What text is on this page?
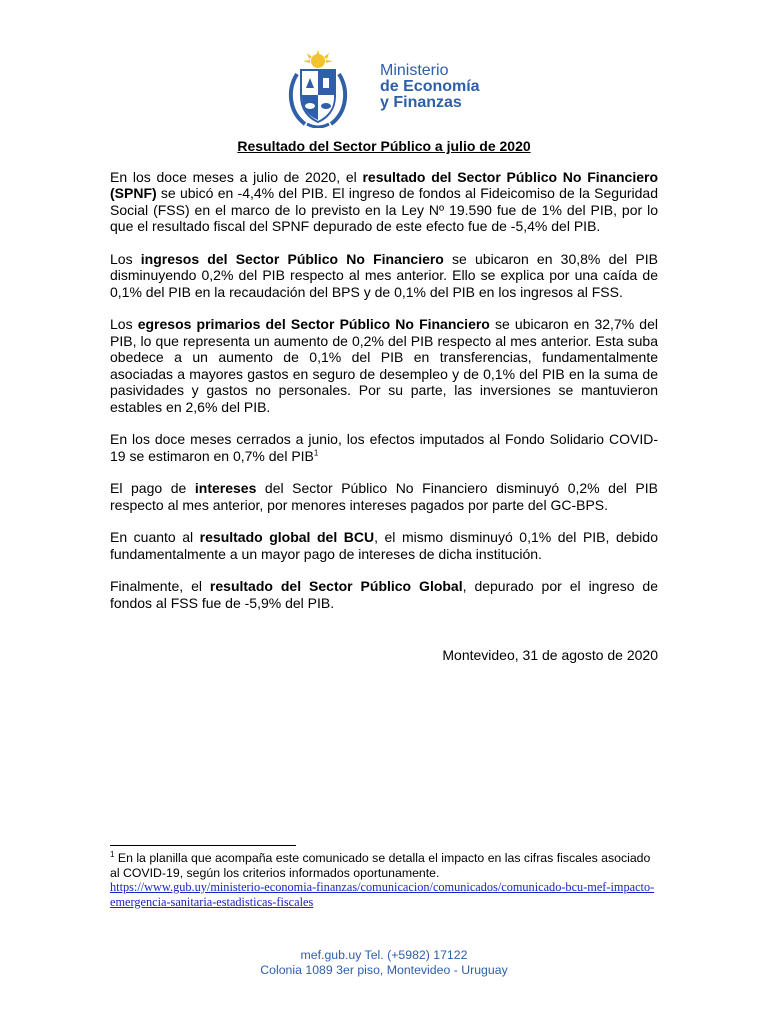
Ministerio
de Economía
y Finanzas
Resultado del Sector Público a julio de 2020

En los doce meses a julio de 2020, el resultado del Sector Público No Financiero (SPNF) se ubicó en -4,4% del PIB. El ingreso de fondos al Fideicomiso de la Seguridad Social (FSS) en el marco de lo previsto en la Ley Nº 19.590 fue de 1% del PIB, por lo que el resultado fiscal del SPNF depurado de este efecto fue de -5,4% del PIB.

Los ingresos del Sector Público No Financiero se ubicaron en 30,8% del PIB disminuyendo 0,2% del PIB respecto al mes anterior. Ello se explica por una caída de 0,1% del PIB en la recaudación del BPS y de 0,1% del PIB en los ingresos al FSS.

Los egresos primarios del Sector Público No Financiero se ubicaron en 32,7% del PIB, lo que representa un aumento de 0,2% del PIB respecto al mes anterior. Esta suba obedece a un aumento de 0,1% del PIB en transferencias, fundamentalmente asociadas a mayores gastos en seguro de desempleo y de 0,1% del PIB en la suma de pasividades y gastos no personales. Por su parte, las inversiones se mantuvieron estables en 2,6% del PIB.

En los doce meses cerrados a junio, los efectos imputados al Fondo Solidario COVID-19 se estimaron en 0,7% del PIB$^1$

El pago de intereses del Sector Público No Financiero disminuyó 0,2% del PIB respecto al mes anterior, por menores intereses pagados por parte del GC-BPS.

En cuanto al resultado global del BCU, el mismo disminuyó 0,1% del PIB, debido fundamentalmente a un mayor pago de intereses de dicha institución.

Finalmente, el resultado del Sector Público Global, depurado por el ingreso de fondos al FSS fue de -5,9% del PIB.

Montevideo, 31 de agosto de 2020
$^1$ En la planilla que acompaña este comunicado se detalla el impacto en las cifras fiscales asociado al COVID-19, según los criterios informados oportunamente.
https://www.gub.uy/ministerio-economia-finanzas/comunicacion/comunicados/comunicado-bcu-mef-impacto-emergencia-sanitaria-estadisticas-fiscales
mef.gub.uy Tel. (+5982) 17122
Colonia 1089 3er piso, Montevideo - Uruguay
